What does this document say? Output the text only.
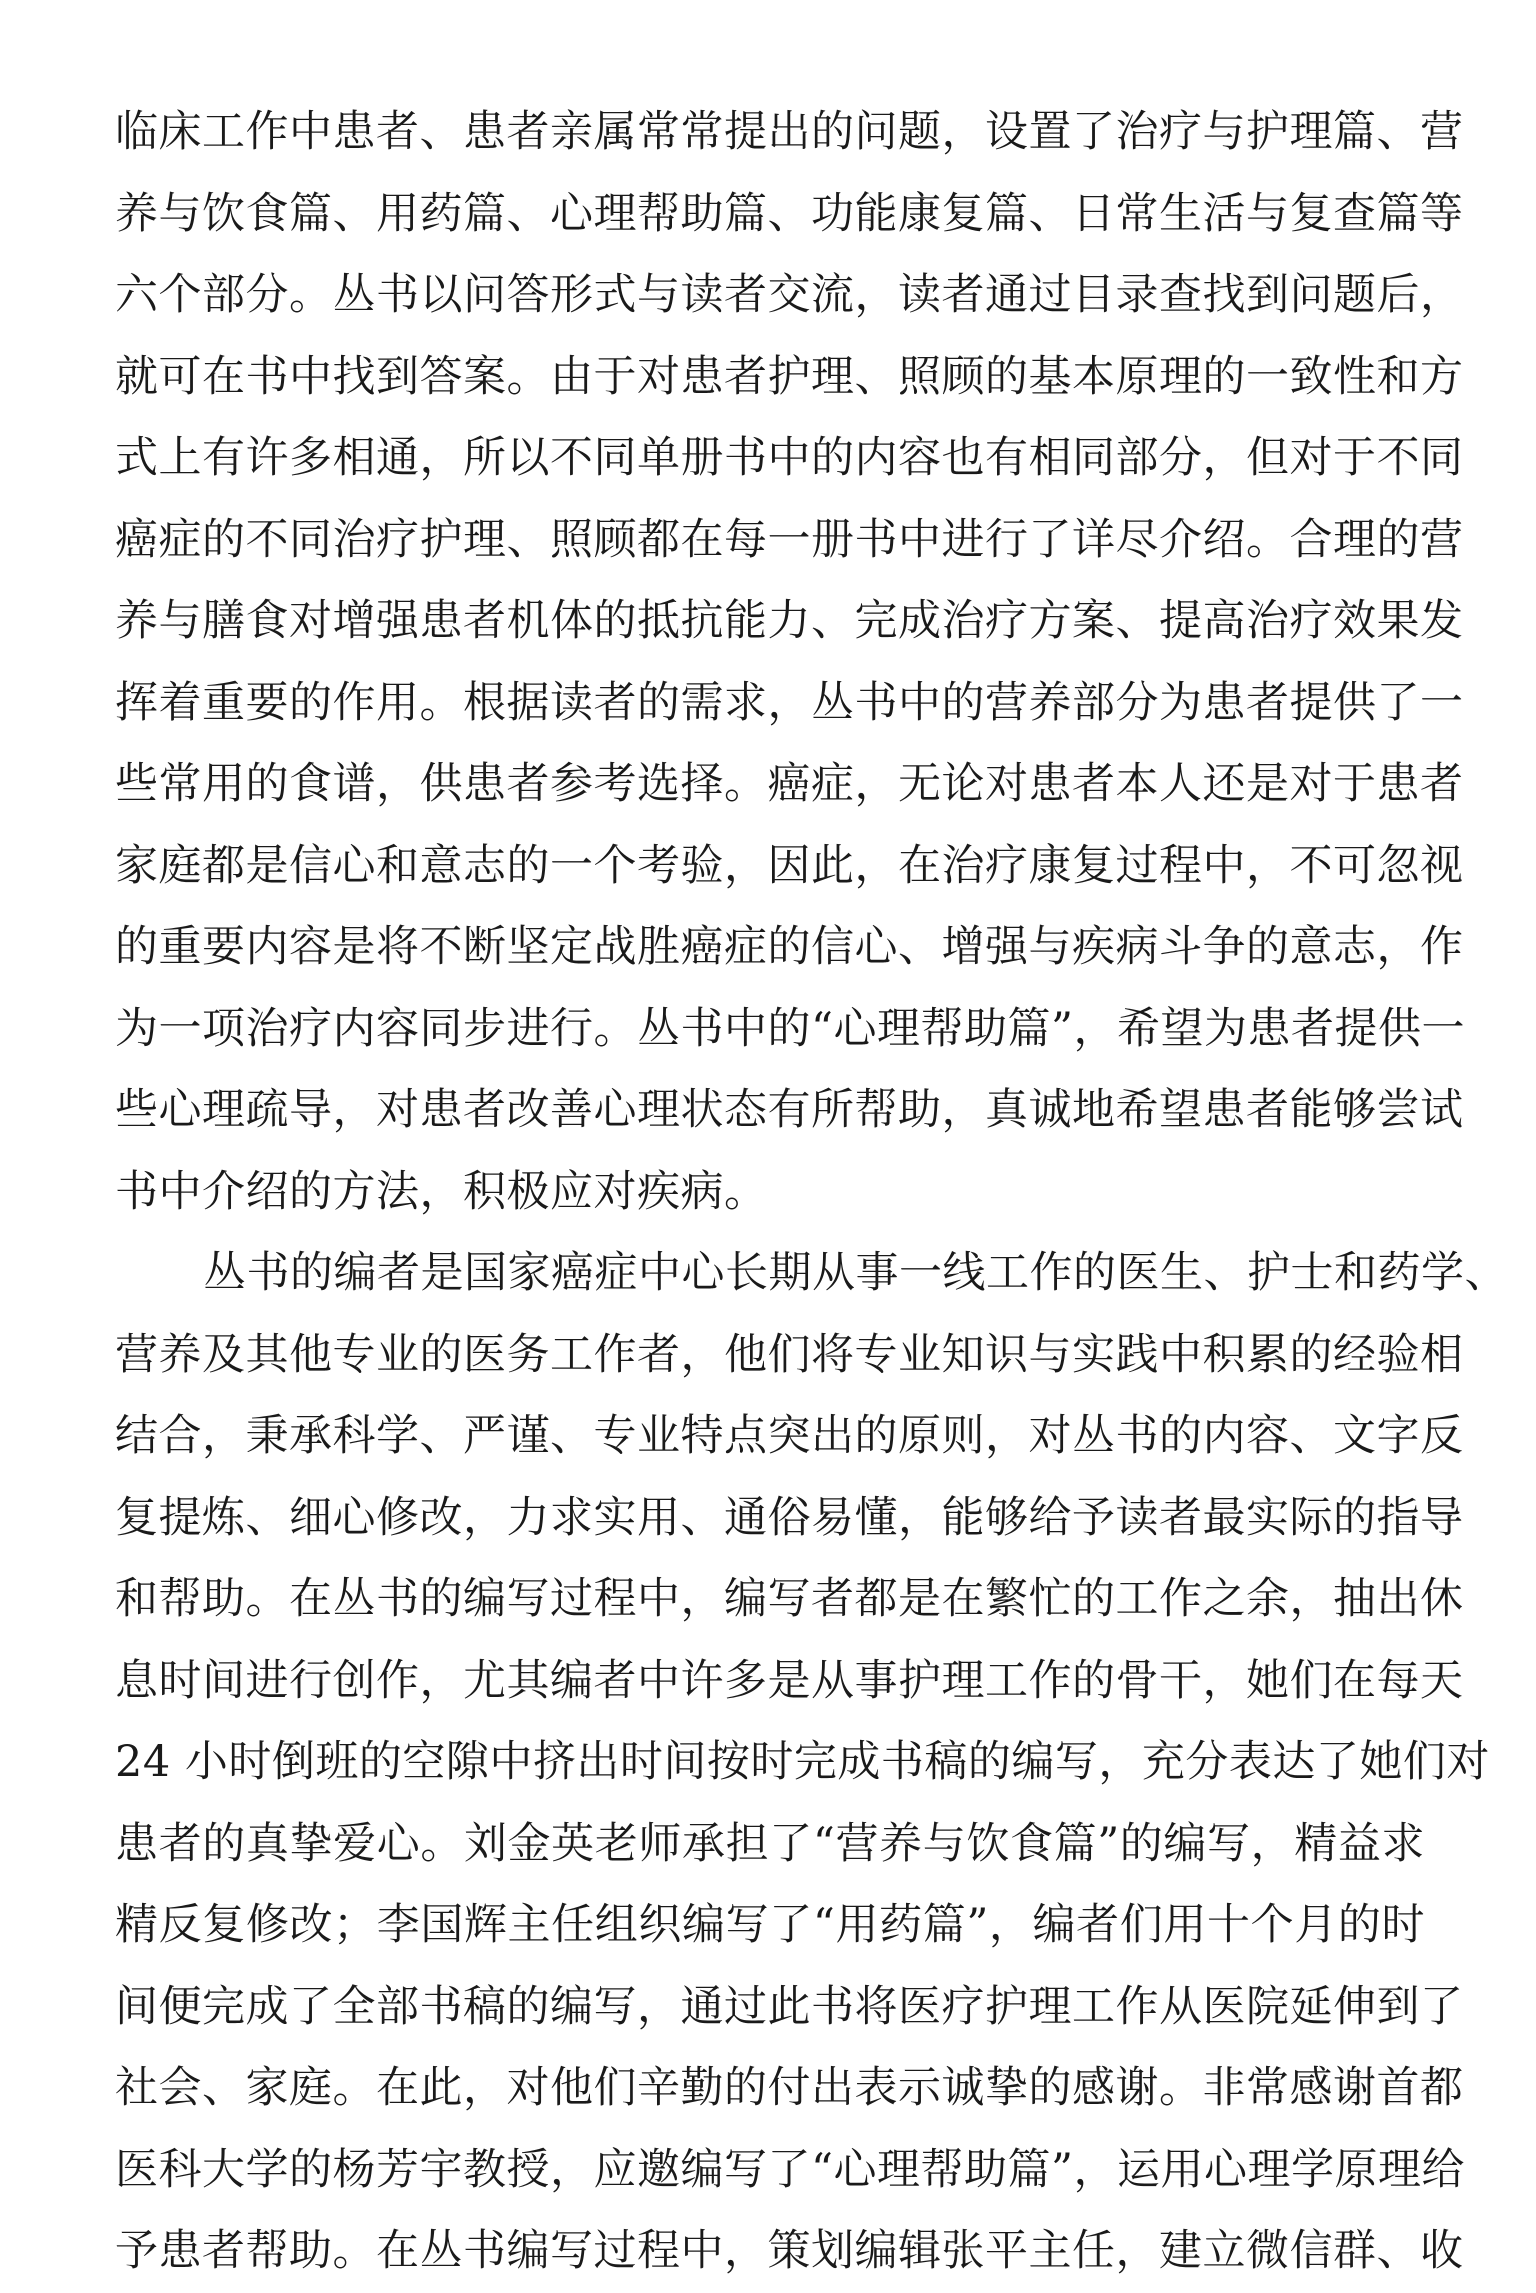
临床工作中患者、患者亲属常常提出的问题，设置了治疗与护理篇、营
养与饮食篇、用药篇、心理帮助篇、功能康复篇、日常生活与复查篇等
六个部分。丛书以问答形式与读者交流，读者通过目录查找到问题后，
就可在书中找到答案。由于对患者护理、照顾的基本原理的一致性和方
式上有许多相通，所以不同单册书中的内容也有相同部分，但对于不同
癌症的不同治疗护理、照顾都在每一册书中进行了详尽介绍。合理的营
养与膳食对增强患者机体的抵抗能力、完成治疗方案、提高治疗效果发
挥着重要的作用。根据读者的需求，丛书中的营养部分为患者提供了一
些常用的食谱，供患者参考选择。癌症，无论对患者本人还是对于患者
家庭都是信心和意志的一个考验，因此，在治疗康复过程中，不可忽视
的重要内容是将不断坚定战胜癌症的信心、增强与疾病斗争的意志，作
为一项治疗内容同步进行。丛书中的“心理帮助篇”，希望为患者提供一
些心理疏导，对患者改善心理状态有所帮助，真诚地希望患者能够尝试
书中介绍的方法，积极应对疾病。
丛书的编者是国家癌症中心长期从事一线工作的医生、护士和药学、
营养及其他专业的医务工作者，他们将专业知识与实践中积累的经验相
结合，秉承科学、严谨、专业特点突出的原则，对丛书的内容、文字反
复提炼、细心修改，力求实用、通俗易懂，能够给予读者最实际的指导
和帮助。在丛书的编写过程中，编写者都是在繁忙的工作之余，抽出休
息时间进行创作，尤其编者中许多是从事护理工作的骨干，她们在每天
24 小时倒班的空隙中挤出时间按时完成书稿的编写，充分表达了她们对
患者的真挚爱心。刘金英老师承担了“营养与饮食篇”的编写，精益求
精反复修改；李国辉主任组织编写了“用药篇”，编者们用十个月的时
间便完成了全部书稿的编写，通过此书将医疗护理工作从医院延伸到了
社会、家庭。在此，对他们辛勤的付出表示诚挚的感谢。非常感谢首都
医科大学的杨芳宇教授，应邀编写了“心理帮助篇”，运用心理学原理给
予患者帮助。在丛书编写过程中，策划编辑张平主任，建立微信群、收
